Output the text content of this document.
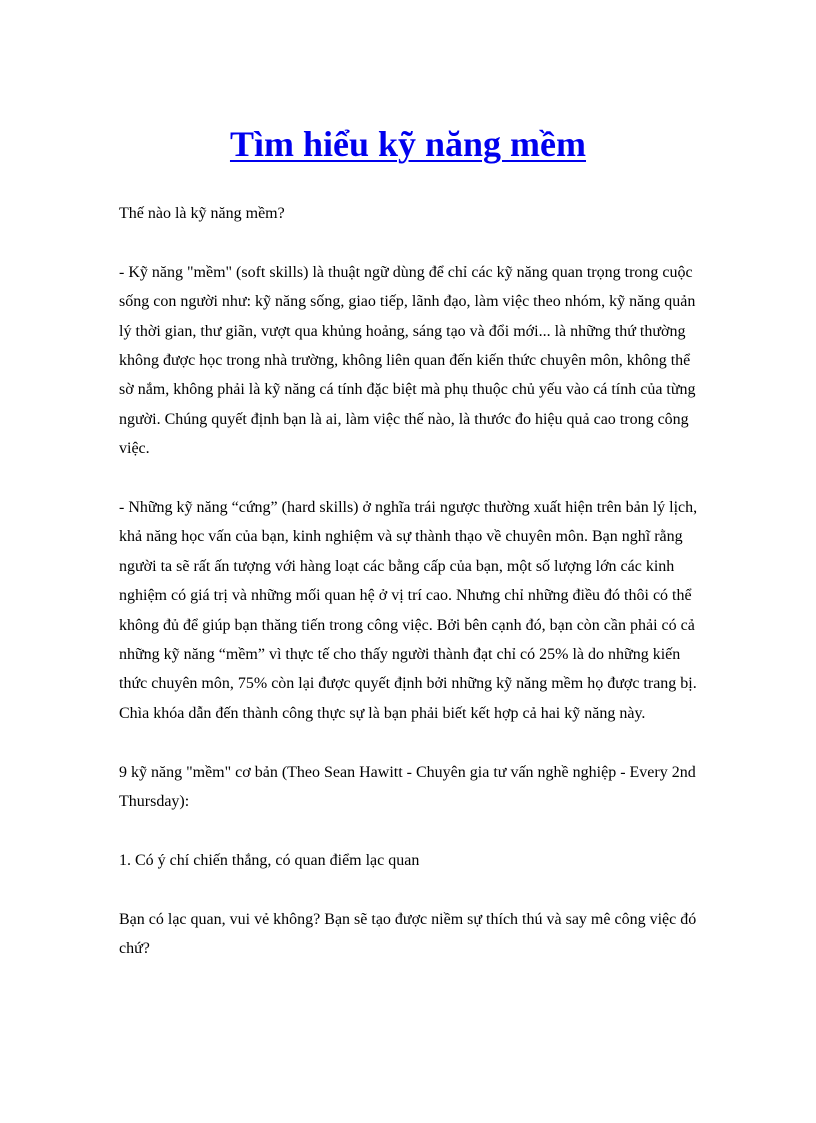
Tìm hiểu kỹ năng mềm

Thế nào là kỹ năng mềm?

- Kỹ năng "mềm" (soft skills) là thuật ngữ dùng để chỉ các kỹ năng quan trọng trong cuộc sống con người như: kỹ năng sống, giao tiếp, lãnh đạo, làm việc theo nhóm, kỹ năng quản lý thời gian, thư giãn, vượt qua khủng hoảng, sáng tạo và đổi mới... là những thứ thường không được học trong nhà trường, không liên quan đến kiến thức chuyên môn, không thể sờ nắm, không phải là kỹ năng cá tính đặc biệt mà phụ thuộc chủ yếu vào cá tính của từng người. Chúng quyết định bạn là ai, làm việc thế nào, là thước đo hiệu quả cao trong công việc.

- Những kỹ năng “cứng” (hard skills) ở nghĩa trái ngược thường xuất hiện trên bản lý lịch, khả năng học vấn của bạn, kinh nghiệm và sự thành thạo về chuyên môn. Bạn nghĩ rằng người ta sẽ rất ấn tượng với hàng loạt các bằng cấp của bạn, một số lượng lớn các kinh nghiệm có giá trị và những mối quan hệ ở vị trí cao. Nhưng chỉ những điều đó thôi có thể không đủ để giúp bạn thăng tiến trong công việc. Bởi bên cạnh đó, bạn còn cần phải có cả những kỹ năng “mềm” vì thực tế cho thấy người thành đạt chỉ có 25% là do những kiến thức chuyên môn, 75% còn lại được quyết định bởi những kỹ năng mềm họ được trang bị. Chìa khóa dẫn đến thành công thực sự là bạn phải biết kết hợp cả hai kỹ năng này.

9 kỹ năng "mềm" cơ bản (Theo Sean Hawitt - Chuyên gia tư vấn nghề nghiệp - Every 2nd Thursday):

1. Có ý chí chiến thắng, có quan điểm lạc quan

Bạn có lạc quan, vui vẻ không? Bạn sẽ tạo được niềm sự thích thú và say mê công việc đó chứ?
